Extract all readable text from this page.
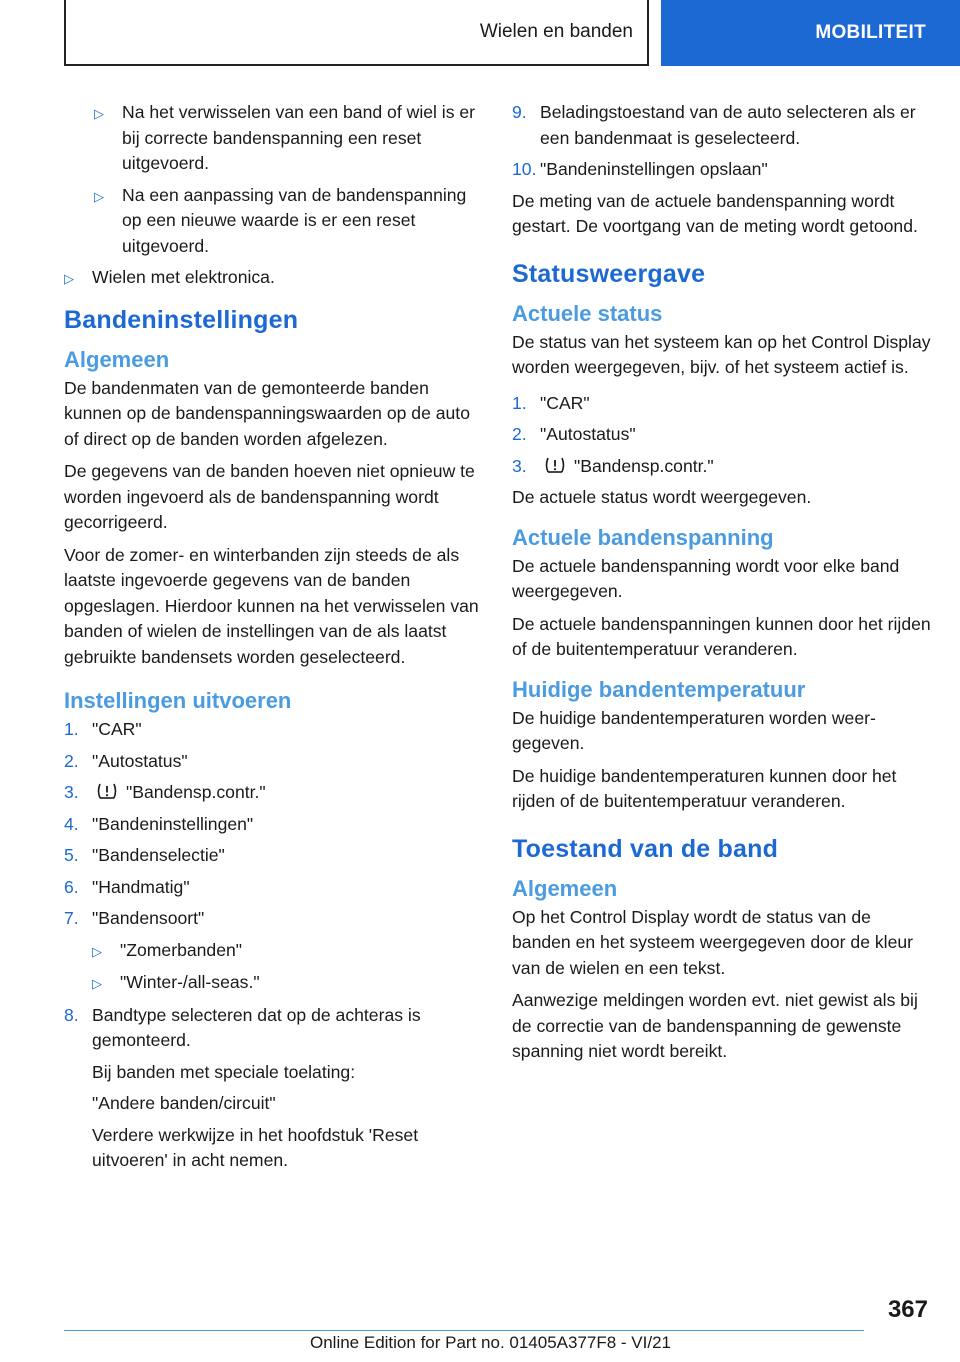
Wielen en banden	MOBILITEIT
▷	Na het verwisselen van een band of wiel is er bij correcte bandenspanning een reset uitgevoerd.
▷	Na een aanpassing van de bandenspanning op een nieuwe waarde is er een reset uitgevoerd.
▷	Wielen met elektronica.
Bandeninstellingen
Algemeen

De bandenmaten van de gemonteerde banden kunnen op de bandenspanningswaarden op de auto of direct op de banden worden afgelezen.

De gegevens van de banden hoeven niet opnieuw te worden ingevoerd als de bandenspanning wordt gecorrigeerd.

Voor de zomer- en winterbanden zijn steeds de als laatste ingevoerde gegevens van de banden opgeslagen. Hierdoor kunnen na het verwisselen van banden of wielen de instellingen van de als laatst gebruikte bandensets worden geselecteerd.

Instellingen uitvoeren
1. "CAR"
2. "Autostatus"
3.	"Bandensp.contr."
4. "Bandeninstellingen"
5. "Bandenselectie"
6. "Handmatig"
7. "Bandensoort"
▷	"Zomerbanden"
▷	"Winter-/all-seas."
8. Bandtype selecteren dat op de achteras is gemonteerd.

Bij banden met speciale toelating:

"Andere banden/circuit"

Verdere werkwijze in het hoofdstuk 'Reset uitvoeren' in acht nemen.

9. Beladingstoestand van de auto selecteren als er een bandenmaat is geselecteerd.
10. "Bandeninstellingen opslaan"

De meting van de actuele bandenspanning wordt gestart. De voortgang van de meting wordt getoond.

Statusweergave
Actuele status

De status van het systeem kan op het Control Display worden weergegeven, bijv. of het systeem actief is.

1. "CAR"
2. "Autostatus"
3.	"Bandensp.contr."

De actuele status wordt weergegeven.

Actuele bandenspanning

De actuele bandenspanning wordt voor elke band weergegeven.

De actuele bandenspanningen kunnen door het rijden of de buitentemperatuur veranderen.

Huidige bandentemperatuur

De huidige bandentemperaturen worden weergegeven.

De huidige bandentemperaturen kunnen door het rijden of de buitentemperatuur veranderen.

Toestand van de band
Algemeen

Op het Control Display wordt de status van de banden en het systeem weergegeven door de kleur van de wielen en een tekst.

Aanwezige meldingen worden evt. niet gewist als bij de correctie van de bandenspanning de gewenste spanning niet wordt bereikt.

367
Online Edition for Part no. 01405A377F8 - VI/21
